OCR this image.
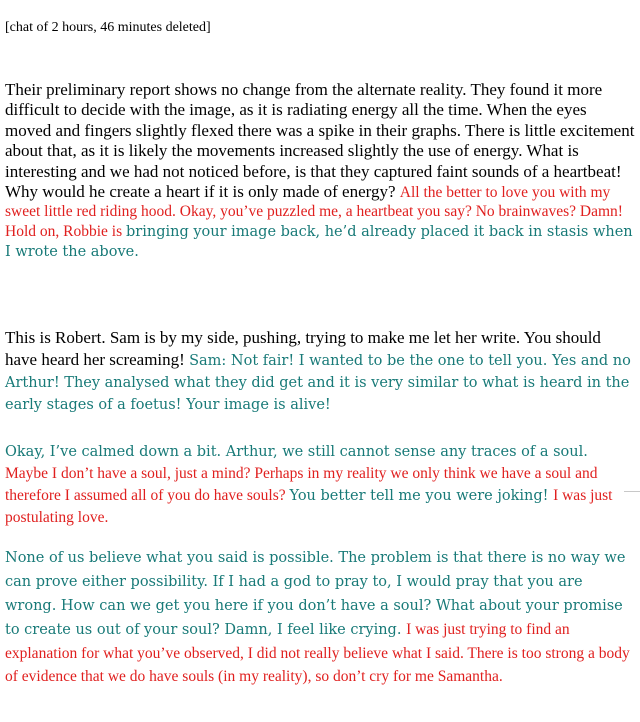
[chat of 2 hours, 46 minutes deleted]

Their preliminary report shows no change from the alternate reality. They found it more difficult to decide with the image, as it is radiating energy all the time. When the eyes moved and fingers slightly flexed there was a spike in their graphs. There is little excitement about that, as it is likely the movements increased slightly the use of energy. What is interesting and we had not noticed before, is that they captured faint sounds of a heartbeat! Why would he create a heart if it is only made of energy? All the better to love you with my sweet little red riding hood. Okay, you’ve puzzled me, a heartbeat you say? No brainwaves? Damn! Hold on, Robbie is bringing your image back, he’d already placed it back in stasis when I wrote the above.

This is Robert. Sam is by my side, pushing, trying to make me let her write. You should have heard her screaming! Sam: Not fair! I wanted to be the one to tell you. Yes and no Arthur! They analysed what they did get and it is very similar to what is heard in the early stages of a foetus! Your image is alive!

Okay, I’ve calmed down a bit. Arthur, we still cannot sense any traces of a soul. Maybe I don’t have a soul, just a mind? Perhaps in my reality we only think we have a soul and therefore I assumed all of you do have souls? You better tell me you were joking! I was just postulating love.

None of us believe what you said is possible. The problem is that there is no way we can prove either possibility. If I had a god to pray to, I would pray that you are wrong. How can we get you here if you don’t have a soul? What about your promise to create us out of your soul? Damn, I feel like crying. I was just trying to find an explanation for what you’ve observed, I did not really believe what I said. There is too strong a body of evidence that we do have souls (in my reality), so don’t cry for me Samantha.
